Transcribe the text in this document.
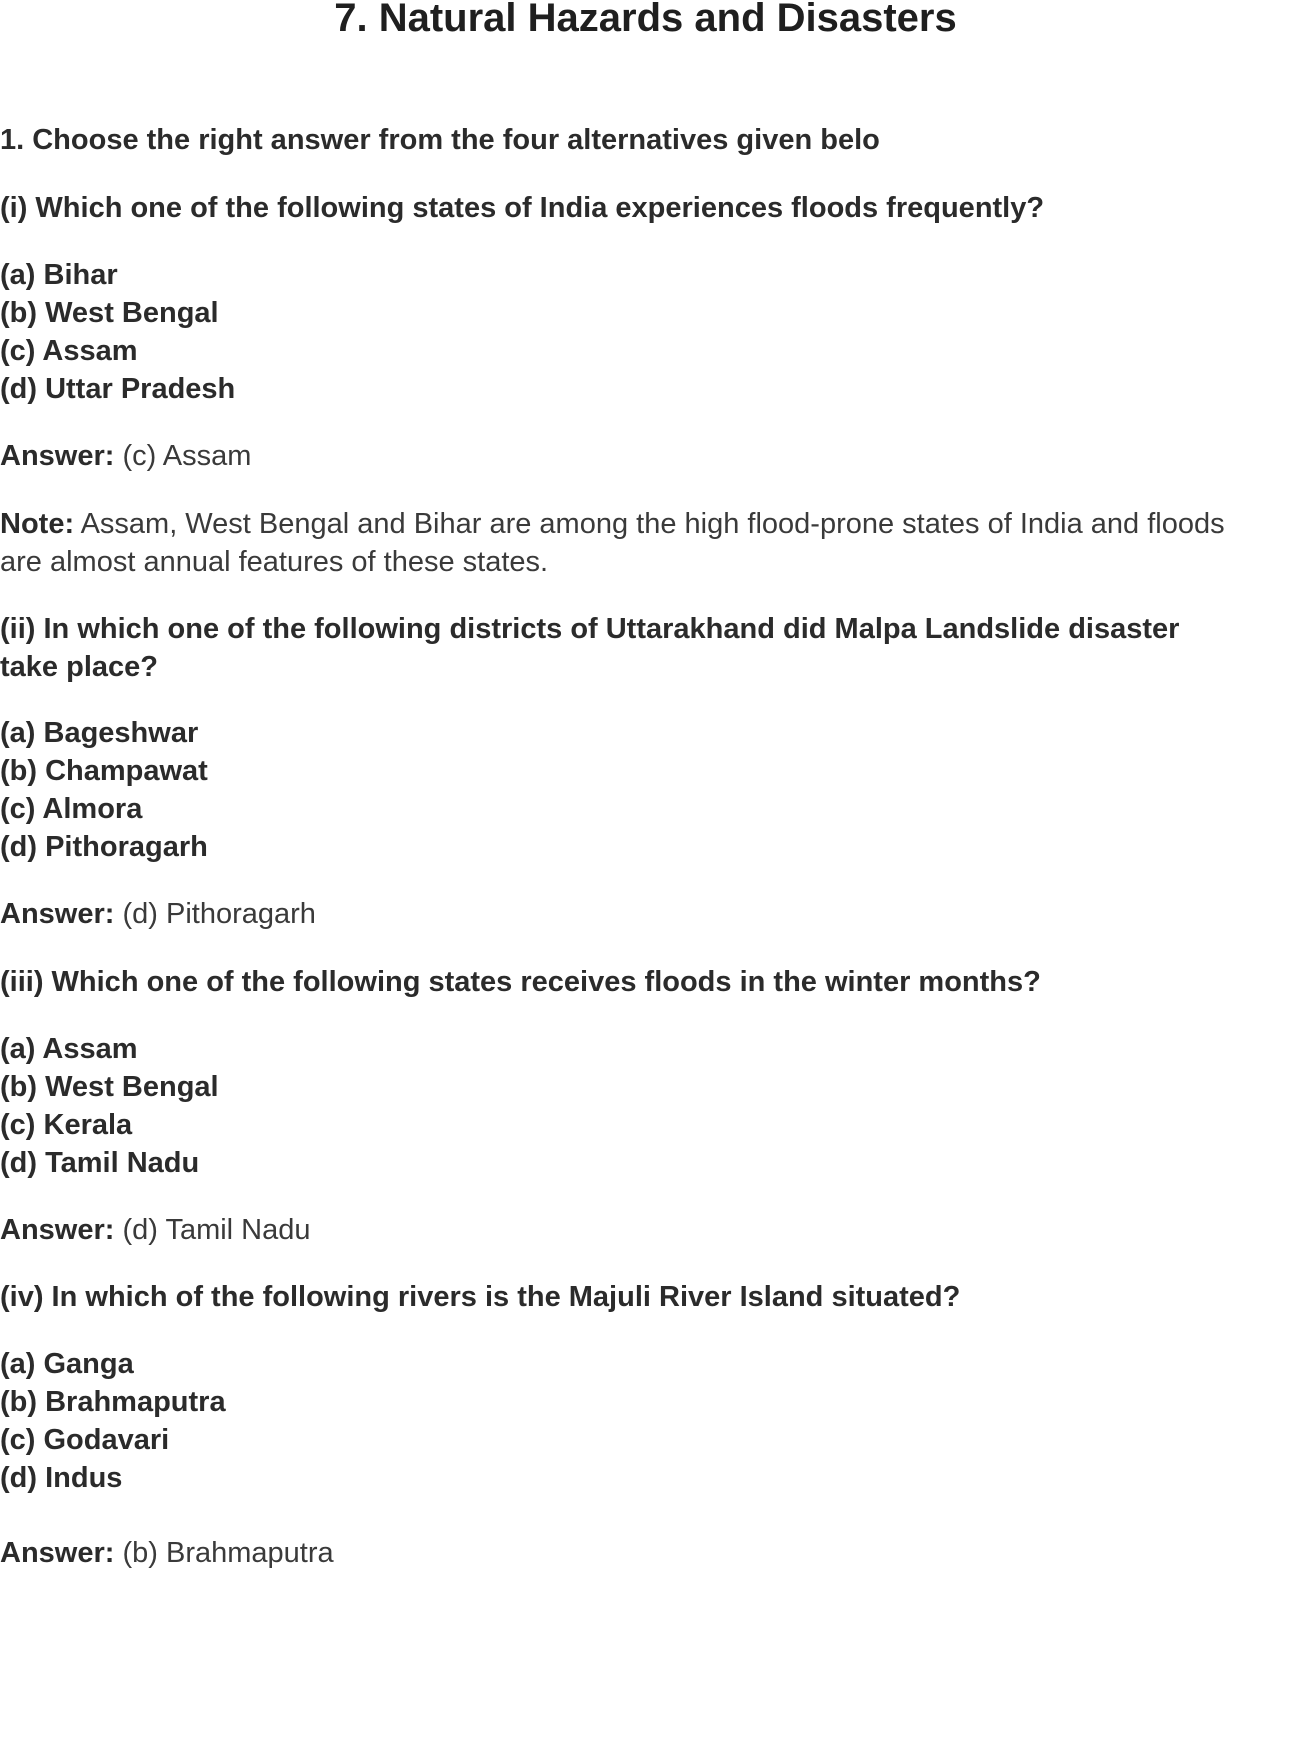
7. Natural Hazards and Disasters

1. Choose the right answer from the four alternatives given belo

(i) Which one of the following states of India experiences floods frequently?

(a) Bihar

(b) West Bengal

(c) Assam

(d) Uttar Pradesh

Answer: (c) Assam

Note: Assam, West Bengal and Bihar are among the high flood-prone states of India and floods

are almost annual features of these states.

(ii) In which one of the following districts of Uttarakhand did Malpa Landslide disaster

take place?

(a) Bageshwar

(b) Champawat

(c) Almora

(d) Pithoragarh

Answer: (d) Pithoragarh

(iii) Which one of the following states receives floods in the winter months?

(a) Assam

(b) West Bengal

(c) Kerala

(d) Tamil Nadu

Answer: (d) Tamil Nadu

(iv) In which of the following rivers is the Majuli River Island situated?

(a) Ganga

(b) Brahmaputra

(c) Godavari

(d) Indus

Answer: (b) Brahmaputra
